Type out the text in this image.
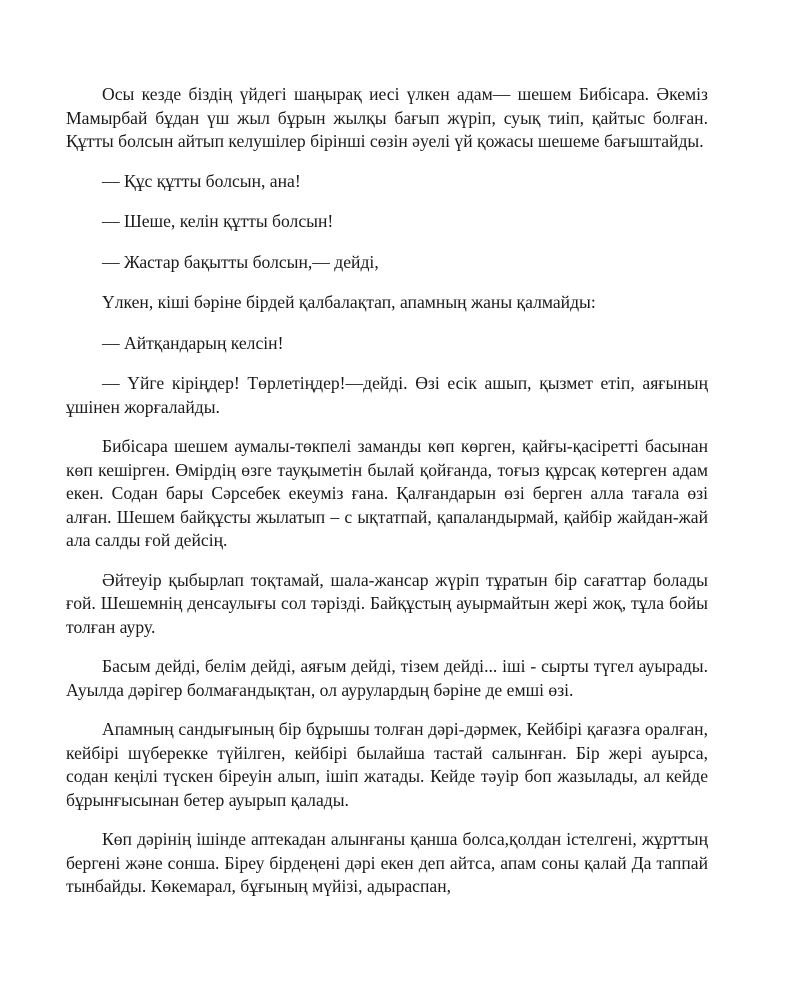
Осы кезде біздің үйдегі шаңырақ иесі үлкен адам— шешем Бибісара. Әкеміз Мамырбай бұдан үш жыл бұрын жылқы бағып жүріп, суық тиіп, қайтыс болған. Құтты болсын айтып келушілер бірінші сөзін әуелі үй қожасы шешеме бағыштайды.

— Құс құтты болсын, ана!

— Шеше, келін құтты болсын!

— Жастар бақытты болсын,— дейді,

Үлкен, кіші бәріне бірдей қалбалақтап, апамның жаны қалмайды:

— Айтқандарың келсін!

— Үйге кіріңдер! Төрлетіңдер!—дейді. Өзі есік ашып, қызмет етіп, аяғының ұшінен жорғалайды.

Бибісара шешем аумалы-төкпелі заманды көп көрген, қайғы-қасіретті басынан көп кешірген. Өмірдің өзге тауқыметін былай қойғанда, тоғыз құрсақ көтерген адам екен. Содан бары Сәрсебек екеуміз ғана. Қалғандарын өзі берген алла тағала өзі алған. Шешем байқұсты жылатып – с ықтатпай, қапаландырмай, қайбір жайдан-жай ала салды ғой дейсің.

Әйтеуір қыбырлап тоқтамай, шала-жансар жүріп тұратын бір сағаттар болады ғой. Шешемнің денсаулығы сол тәрізді. Байқұстың ауырмайтын жері жоқ, тұла бойы толған ауру.

Басым дейді, белім дейді, аяғым дейді, тізем дейді... іші - сырты түгел ауырады. Ауылда дәрігер болмағандықтан, ол аурулардың бәріне де емші өзі.

Апамның сандығының бір бұрышы толған дәрі-дәрмек, Кейбірі қағазға оралған, кейбірі шүберекке түйілген, кейбірі былайша тастай салынған. Бір жері ауырса, содан кеңілі түскен біреуін алып, ішіп жатады. Кейде тәуір боп жазылады, ал кейде бұрынғысынан бетер ауырып қалады.

Көп дәрінің ішінде аптекадан алынғаны қанша болса,қолдан істелгені, жұрттың бергені және сонша. Біреу бірдеңені дәрі екен деп айтса, апам соны қалай Да таппай тынбайды. Көкемарал, бұғының мүйізі, адыраспан,
